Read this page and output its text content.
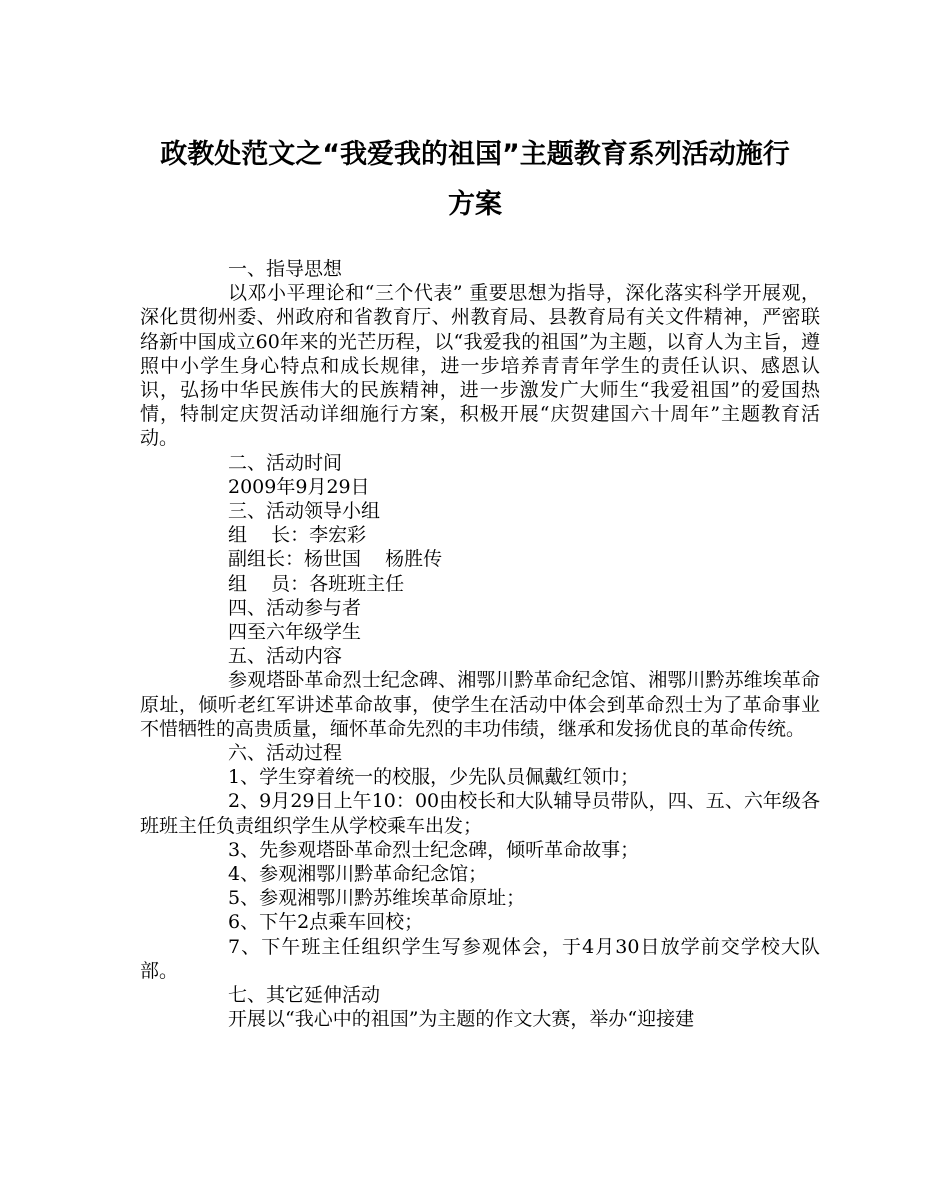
政教处范文之“我爱我的祖国”主题教育系列活动施行
方案

一、指导思想

以邓小平理论和“三个代表” 重要思想为指导，深化落实科学开展观，深化贯彻州委、州政府和省教育厅、州教育局、县教育局有关文件精神，严密联络新中国成立60年来的光芒历程，以“我爱我的祖国”为主题，以育人为主旨，遵照中小学生身心特点和成长规律，进一步培养青青年学生的责任认识、感恩认识，弘扬中华民族伟大的民族精神，进一步激发广大师生“我爱祖国”的爱国热情，特制定庆贺活动详细施行方案，积极开展“庆贺建国六十周年”主题教育活动。

二、活动时间

2009年9月29日

三、活动领导小组

组    长：李宏彩

副组长：杨世国    杨胜传

组    员：各班班主任

四、活动参与者

四至六年级学生

五、活动内容

参观塔卧革命烈士纪念碑、湘鄂川黔革命纪念馆、湘鄂川黔苏维埃革命原址，倾听老红军讲述革命故事，使学生在活动中体会到革命烈士为了革命事业不惜牺牲的高贵质量，缅怀革命先烈的丰功伟绩，继承和发扬优良的革命传统。

六、活动过程

1、学生穿着统一的校服，少先队员佩戴红领巾；

2、9月29日上午10：00由校长和大队辅导员带队，四、五、六年级各班班主任负责组织学生从学校乘车出发；

3、先参观塔卧革命烈士纪念碑，倾听革命故事；

4、参观湘鄂川黔革命纪念馆；

5、参观湘鄂川黔苏维埃革命原址；

6、下午2点乘车回校；

7、下午班主任组织学生写参观体会，于4月30日放学前交学校大队部。

七、其它延伸活动

开展以“我心中的祖国”为主题的作文大赛，举办“迎接建
